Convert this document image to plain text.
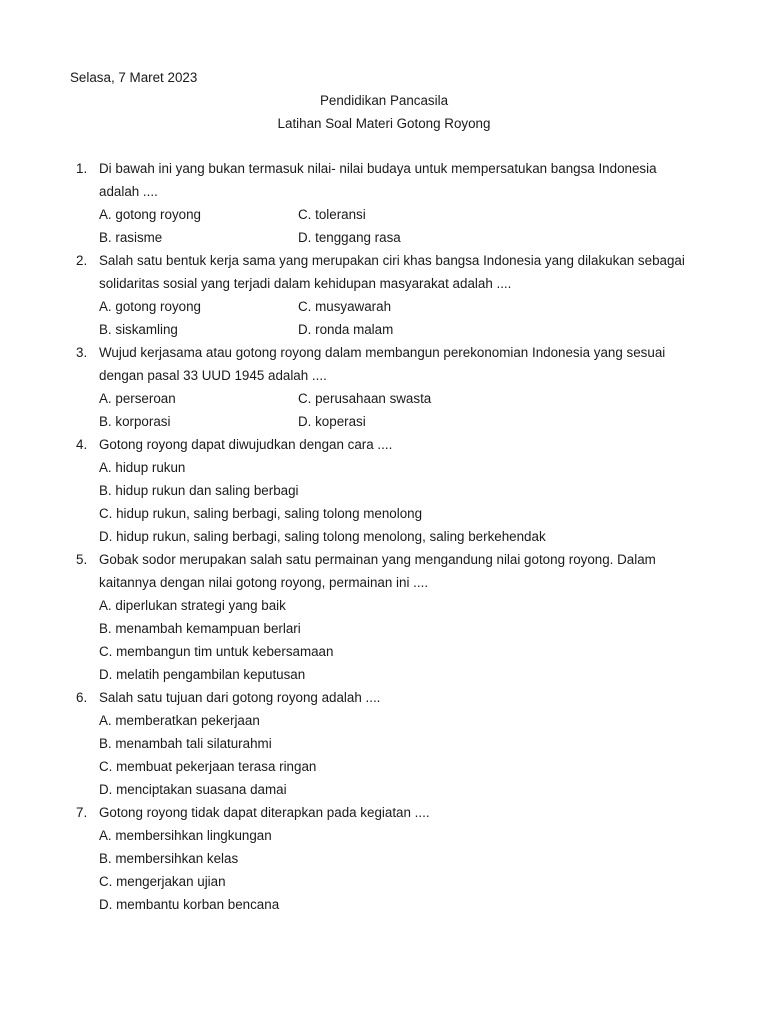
Selasa, 7 Maret 2023
Pendidikan Pancasila
Latihan Soal Materi Gotong Royong
1. Di bawah ini yang bukan termasuk nilai- nilai budaya untuk mempersatukan bangsa Indonesia adalah ....
A. gotong royong	C. toleransi
B. rasisme	D. tenggang rasa
2. Salah satu bentuk kerja sama yang merupakan ciri khas bangsa Indonesia yang dilakukan sebagai solidaritas sosial yang terjadi dalam kehidupan masyarakat adalah ....
A. gotong royong	C. musyawarah
B. siskamling	D. ronda malam
3. Wujud kerjasama atau gotong royong dalam membangun perekonomian Indonesia yang sesuai dengan pasal 33 UUD 1945 adalah ....
A. perseroan	C. perusahaan swasta
B. korporasi	D. koperasi
4. Gotong royong dapat diwujudkan dengan cara ....
A. hidup rukun
B. hidup rukun dan saling berbagi
C. hidup rukun, saling berbagi, saling tolong menolong
D. hidup rukun, saling berbagi, saling tolong menolong, saling berkehendak
5. Gobak sodor merupakan salah satu permainan yang mengandung nilai gotong royong. Dalam kaitannya dengan nilai gotong royong, permainan ini ....
A. diperlukan strategi yang baik
B. menambah kemampuan berlari
C. membangun tim untuk kebersamaan
D. melatih pengambilan keputusan
6. Salah satu tujuan dari gotong royong adalah ....
A. memberatkan pekerjaan
B. menambah tali silaturahmi
C. membuat pekerjaan terasa ringan
D. menciptakan suasana damai
7. Gotong royong tidak dapat diterapkan pada kegiatan ....
A. membersihkan lingkungan
B. membersihkan kelas
C. mengerjakan ujian
D. membantu korban bencana
